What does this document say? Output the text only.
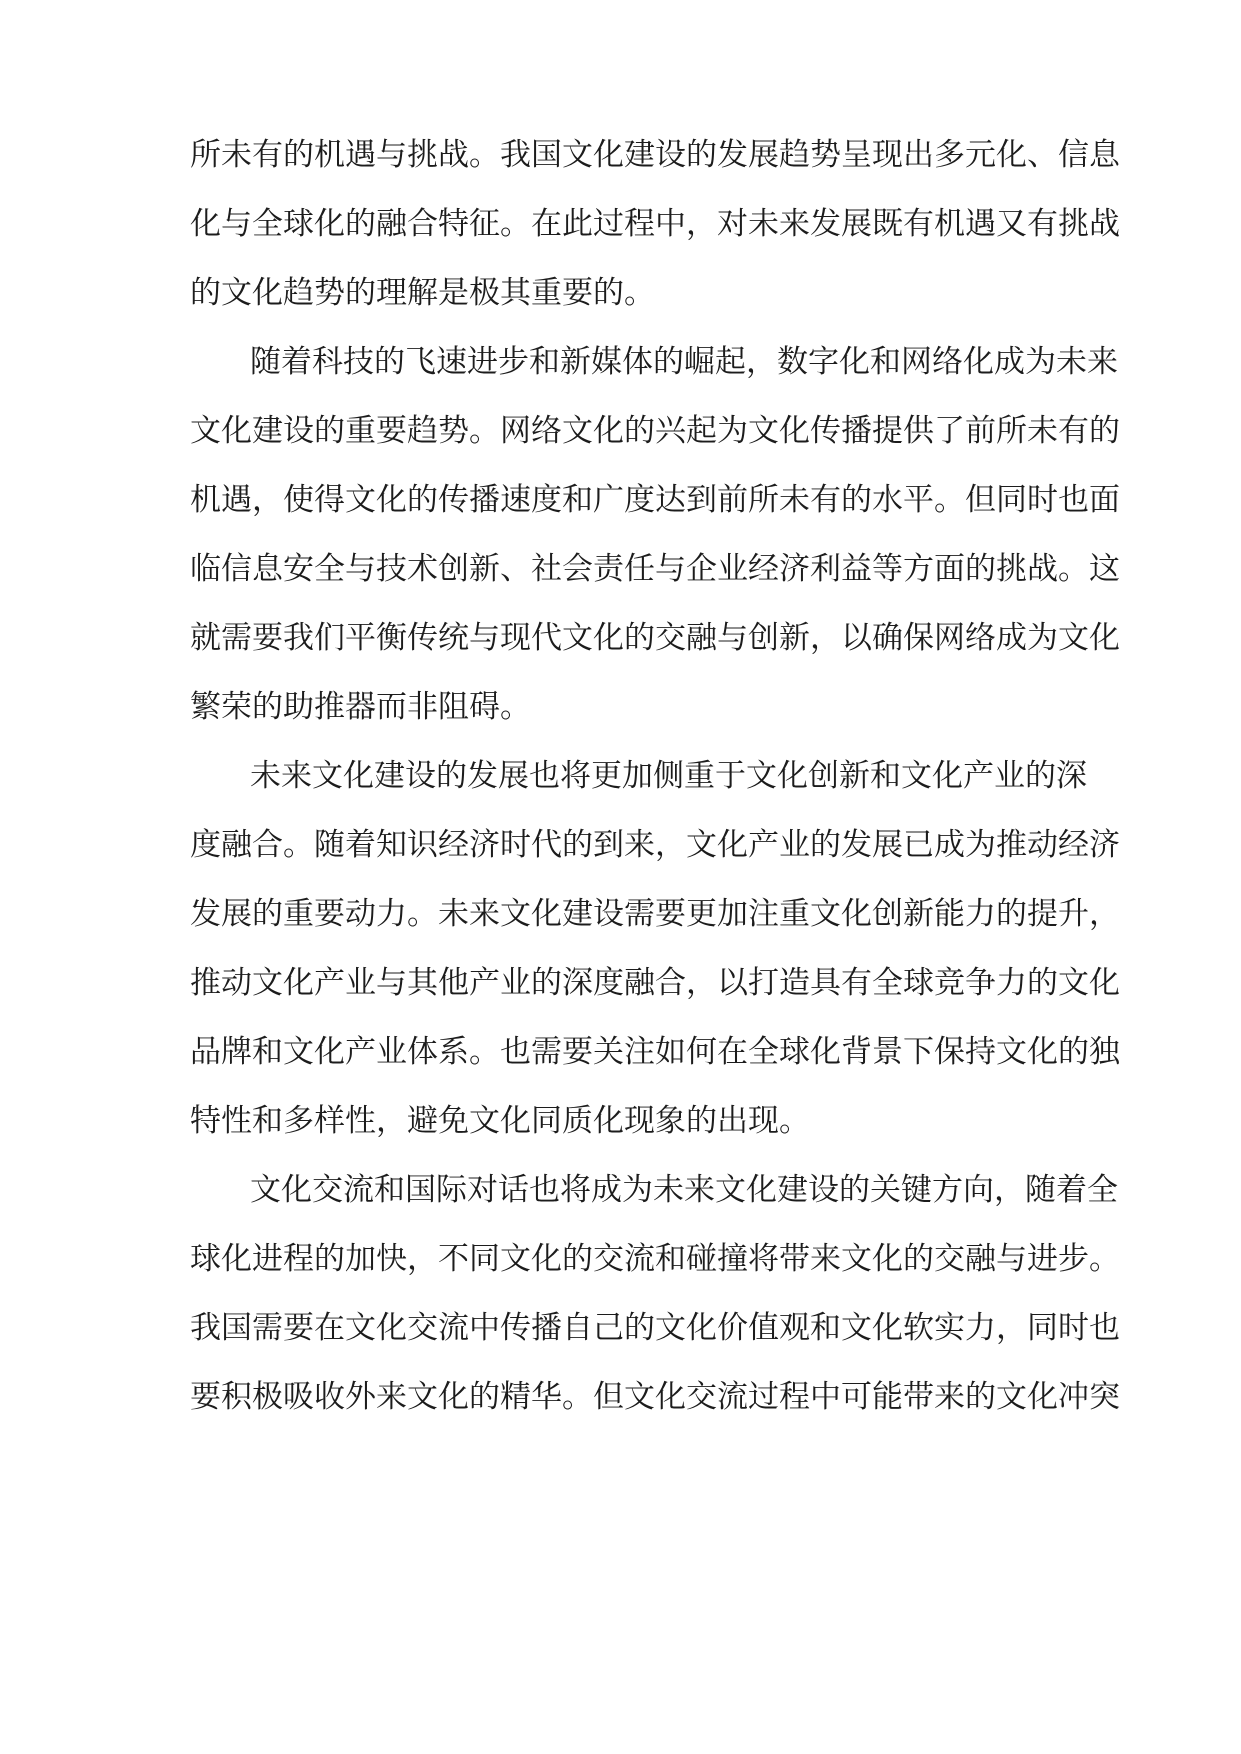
所未有的机遇与挑战。我国文化建设的发展趋势呈现出多元化、信息
化与全球化的融合特征。在此过程中，对未来发展既有机遇又有挑战
的文化趋势的理解是极其重要的。
随着科技的飞速进步和新媒体的崛起，数字化和网络化成为未来
文化建设的重要趋势。网络文化的兴起为文化传播提供了前所未有的
机遇，使得文化的传播速度和广度达到前所未有的水平。但同时也面
临信息安全与技术创新、社会责任与企业经济利益等方面的挑战。这
就需要我们平衡传统与现代文化的交融与创新，以确保网络成为文化
繁荣的助推器而非阻碍。
未来文化建设的发展也将更加侧重于文化创新和文化产业的深
度融合。随着知识经济时代的到来，文化产业的发展已成为推动经济
发展的重要动力。未来文化建设需要更加注重文化创新能力的提升，
推动文化产业与其他产业的深度融合，以打造具有全球竞争力的文化
品牌和文化产业体系。也需要关注如何在全球化背景下保持文化的独
特性和多样性，避免文化同质化现象的出现。
文化交流和国际对话也将成为未来文化建设的关键方向，随着全
球化进程的加快，不同文化的交流和碰撞将带来文化的交融与进步。
我国需要在文化交流中传播自己的文化价值观和文化软实力，同时也
要积极吸收外来文化的精华。但文化交流过程中可能带来的文化冲突
